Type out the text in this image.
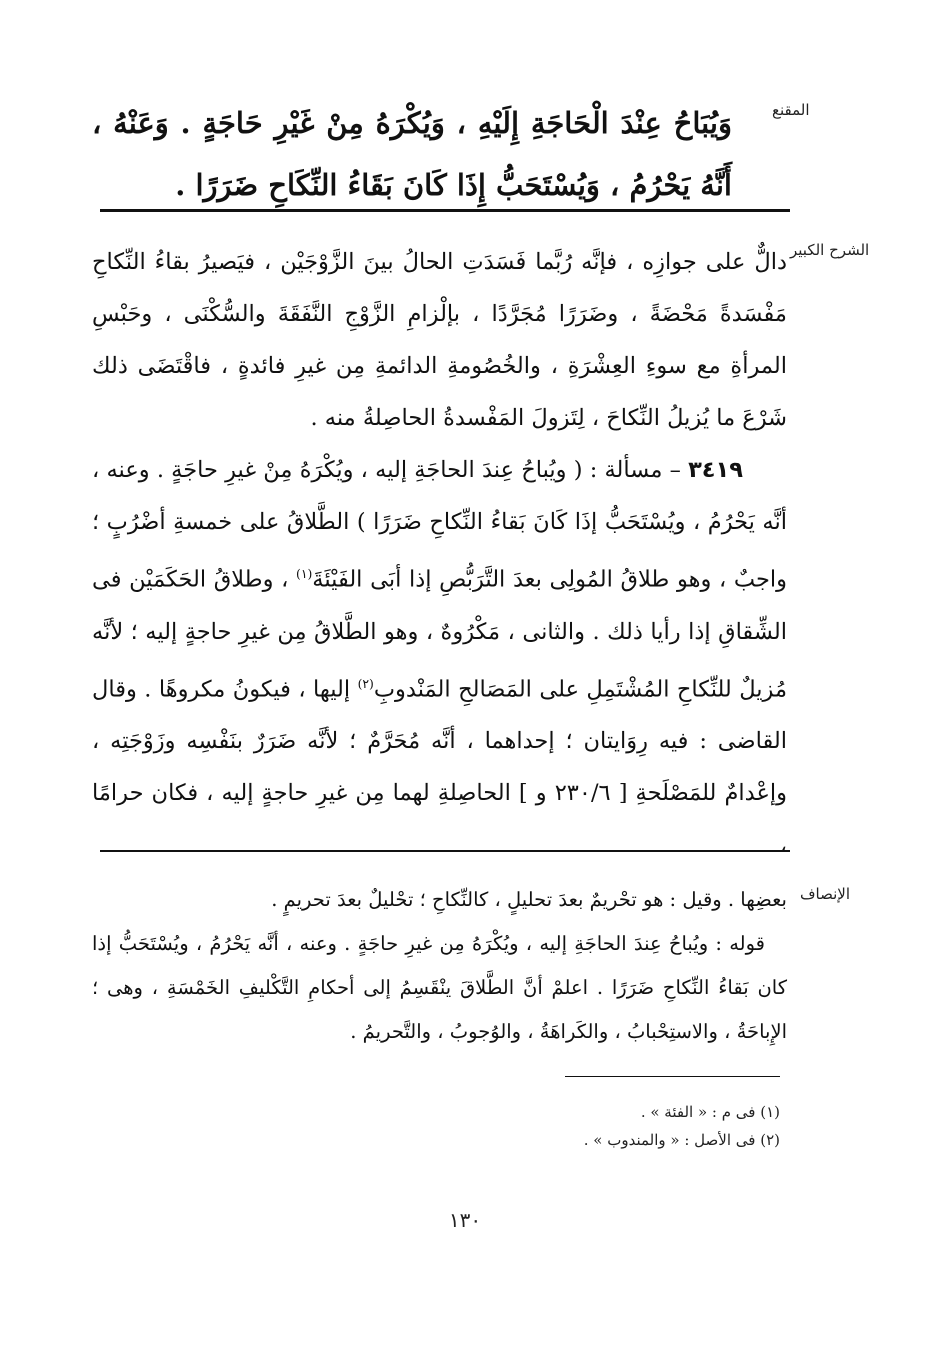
المقنع

وَيُبَاحُ عِنْدَ الْحَاجَةِ إِلَيْهِ ، وَيُكْرَهُ مِنْ غَيْرِ حَاجَةٍ . وَعَنْهُ ، أَنَّهُ يَحْرُمُ ، وَيُسْتَحَبُّ إِذَا كَانَ بَقَاءُ النِّكَاحِ ضَرَرًا .

الشرح الكبير

دالٌّ على جوازِه ، فإنَّه رُبَّما فَسَدَتِ الحالُ بينَ الزَّوْجَيْن ، فيَصيرُ بقاءُ النِّكاحِ مَفْسَدةً مَحْضَةً ، وضَرَرًا مُجَرَّدًا ، بإلْزامِ الزَّوْجِ النَّفَقَةَ والسُّكْنَى ، وحَبْسِ المرأةِ مع سوءِ العِشْرَةِ ، والخُصُومةِ الدائمةِ مِن غيرِ فائدةٍ ، فاقْتَضَى ذلك شَرْعَ ما يُزيلُ النِّكاحَ ، لِتَزولَ المَفْسدةُ الحاصِلةُ منه .

٣٤١٩ – مسألة : ( ويُباحُ عِندَ الحاجَةِ إليه ، ويُكْرَهُ مِنْ غيرِ حاجَةٍ . وعنه ، أنَّه يَحْرُمُ ، ويُسْتَحَبُّ إذَا كَانَ بَقاءُ النِّكاحِ ضَرَرًا ) الطَّلاقُ على خمسةِ أضْرُبٍ ؛ واجبٌ ، وهو طلاقُ المُولِى بعدَ التَّرَبُّصِ إذا أبَى الفَيْئَةَ$^{(١)}$ ، وطلاقُ الحَكَمَيْن فى الشِّقاقِ إذا رأيا ذلك . والثانى ، مَكْرُوهٌ ، وهو الطَّلاقُ مِن غيرِ حاجةٍ إليه ؛ لأنَّه مُزيلٌ للنِّكاحِ المُشْتَمِلِ على المَصَالحِ المَنْدوبِ$^{(٢)}$ إليها ، فيكونُ مكروهًا . وقال القاضى : فيه رِوَايتان ؛ إحداهما ، أنَّه مُحَرَّمٌ ؛ لأنَّه ضَرَرٌ بنَفْسِه وزَوْجَتِه ، وإعْدامٌ للمَصْلَحةِ [ ٢٣٠/٦ و ] الحاصِلةِ لهما مِن غيرِ حاجةٍ إليه ، فكان حرامًا ،

الإنصاف

بعضِها . وقيل : هو تحْريمٌ بعدَ تحليلٍ ، كالنِّكاحِ ؛ تحْليلٌ بعدَ تحريمٍ .

قوله : ويُباحُ عِندَ الحاجَةِ إليه ، ويُكْرَهُ مِن غيرِ حاجَةٍ . وعنه ، أنَّه يَحْرُمُ ، ويُسْتَحَبُّ إذا كان بَقاءُ النِّكاحِ ضَرَرًا . اعلمْ أنَّ الطَّلاقَ ينْقَسِمُ إلى أحكامِ التَّكْليفِ الخَمْسَةِ ، وهى ؛ الإِباحَةُ ، والاستِحْبابُ ، والكَراهَةُ ، والوُجوبُ ، والتَّحريمُ .

(١) فى م : « الفئة » .

(٢) فى الأصل : « والمندوب » .

١٣٠
